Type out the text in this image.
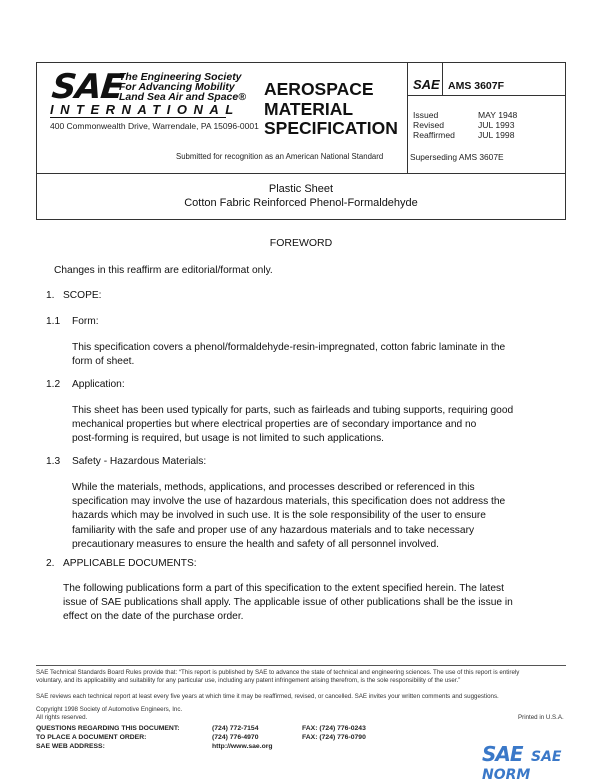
SAE
The Engineering Society
For Advancing Mobility
Land Sea Air and Space®
INTERNATIONAL
400 Commonwealth Drive, Warrendale, PA 15096-0001
AEROSPACE
MATERIAL
SPECIFICATION
Submitted for recognition as an American National Standard
SAE AMS 3607F
Issued	MAY 1948
Revised	JUL 1993
Reaffirmed	JUL 1998
Superseding AMS 3607E
Plastic Sheet
Cotton Fabric Reinforced Phenol-Formaldehyde
FOREWORD
Changes in this reaffirm are editorial/format only.
1. SCOPE:
1.1 Form:
This specification covers a phenol/formaldehyde-resin-impregnated, cotton fabric laminate in the
form of sheet.
1.2 Application:
This sheet has been used typically for parts, such as fairleads and tubing supports, requiring good
mechanical properties but where electrical properties are of secondary importance and no
post-forming is required, but usage is not limited to such applications.
1.3 Safety - Hazardous Materials:
While the materials, methods, applications, and processes described or referenced in this
specification may involve the use of hazardous materials, this specification does not address the
hazards which may be involved in such use. It is the sole responsibility of the user to ensure
familiarity with the safe and proper use of any hazardous materials and to take necessary
precautionary measures to ensure the health and safety of all personnel involved.
2. APPLICABLE DOCUMENTS:
The following publications form a part of this specification to the extent specified herein. The latest
issue of SAE publications shall apply. The applicable issue of other publications shall be the issue in
effect on the date of the purchase order.
SAE Technical Standards Board Rules provide that: “This report is published by SAE to advance the state of technical and engineering sciences. The use of this report is entirely
voluntary, and its applicability and suitability for any particular use, including any patent infringement arising therefrom, is the sole responsibility of the user.”
SAE reviews each technical report at least every five years at which time it may be reaffirmed, revised, or cancelled. SAE invites your written comments and suggestions.
Copyright 1998 Society of Automotive Engineers, Inc.
All rights reserved.	Printed in U.S.A.
QUESTIONS REGARDING THIS DOCUMENT:	(724) 772-7154	FAX: (724) 776-0243
TO PLACE A DOCUMENT ORDER:	(724) 776-4970	FAX: (724) 776-0790
SAE WEB ADDRESS:	http://www.sae.org	SAE SAE NORM
